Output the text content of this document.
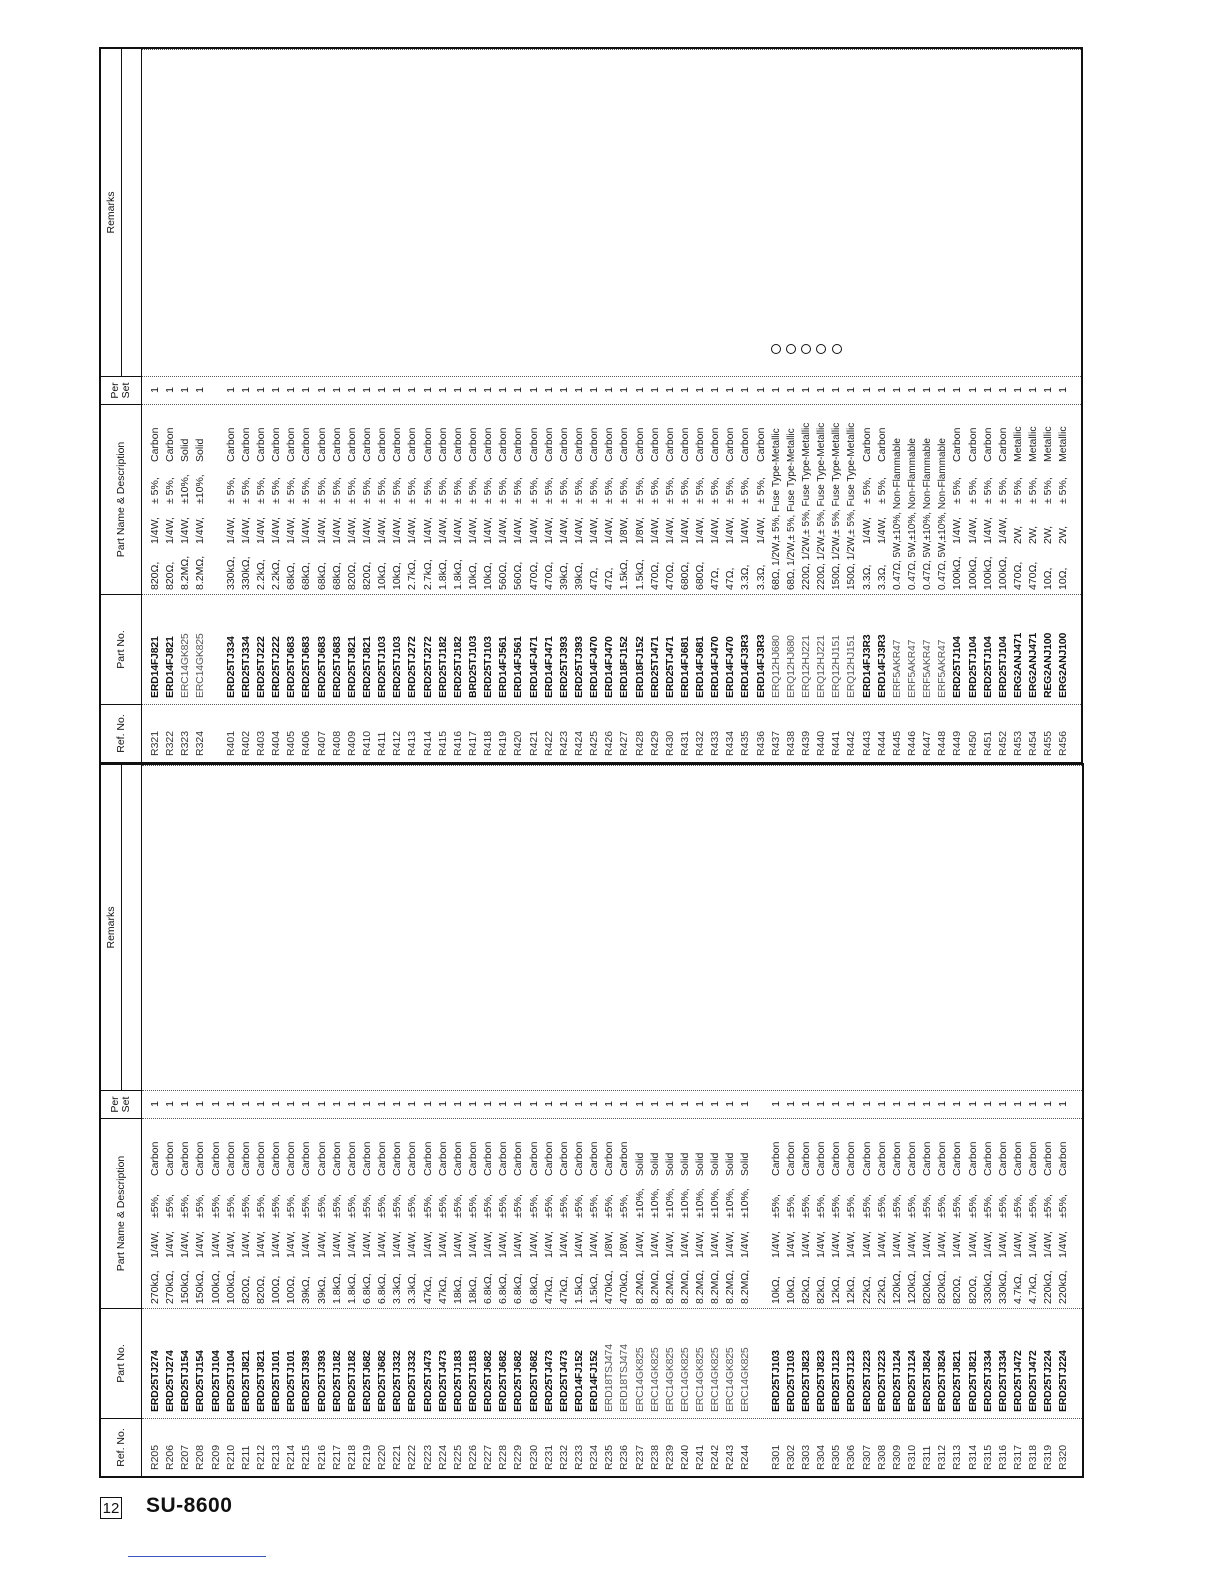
Ref. No.
Part No.
Part Name & Description
Per Set
Remarks
R205
ERD25TJ274
270kΩ,
1/4W,
±5%,
Carbon
1
R206
ERD25TJ274
270kΩ,
1/4W,
±5%,
Carbon
1
R207
ERD25TJ154
150kΩ,
1/4W,
±5%,
Carbon
1
R208
ERD25TJ154
150kΩ,
1/4W,
±5%,
Carbon
1
R209
ERD25TJ104
100kΩ,
1/4W,
±5%,
Carbon
1
R210
ERD25TJ104
100kΩ,
1/4W,
±5%,
Carbon
1
R211
ERD25TJ821
820Ω,
1/4W,
±5%,
Carbon
1
R212
ERD25TJ821
820Ω,
1/4W,
±5%,
Carbon
1
R213
ERD25TJ101
100Ω,
1/4W,
±5%,
Carbon
1
R214
ERD25TJ101
100Ω,
1/4W,
±5%,
Carbon
1
R215
ERD25TJ393
39kΩ,
1/4W,
±5%,
Carbon
1
R216
ERD25TJ393
39kΩ,
1/4W,
±5%,
Carbon
1
R217
ERD25TJ182
1.8kΩ,
1/4W,
±5%,
Carbon
1
R218
ERD25TJ182
1.8kΩ,
1/4W,
±5%,
Carbon
1
R219
ERD25TJ682
6.8kΩ,
1/4W,
±5%,
Carbon
1
R220
ERD25TJ682
6.8kΩ,
1/4W,
±5%,
Carbon
1
R221
ERD25TJ332
3.3kΩ,
1/4W,
±5%,
Carbon
1
R222
ERD25TJ332
3.3kΩ,
1/4W,
±5%,
Carbon
1
R223
ERD25TJ473
47kΩ,
1/4W,
±5%,
Carbon
1
R224
ERD25TJ473
47kΩ,
1/4W,
±5%,
Carbon
1
R225
ERD25TJ183
18kΩ,
1/4W,
±5%,
Carbon
1
R226
ERD25TJ183
18kΩ,
1/4W,
±5%,
Carbon
1
R227
ERD25TJ682
6.8kΩ,
1/4W,
±5%,
Carbon
1
R228
ERD25TJ682
6.8kΩ,
1/4W,
±5%,
Carbon
1
R229
ERD25TJ682
6.8kΩ,
1/4W,
±5%,
Carbon
1
R230
ERD25TJ682
6.8kΩ,
1/4W,
±5%,
Carbon
1
R231
ERD25TJ473
47kΩ,
1/4W,
±5%,
Carbon
1
R232
ERD25TJ473
47kΩ,
1/4W,
±5%,
Carbon
1
R233
ERD14FJ152
1.5kΩ,
1/4W,
±5%,
Carbon
1
R234
ERD14FJ152
1.5kΩ,
1/4W,
±5%,
Carbon
1
R235
ERD18TSJ474
470kΩ,
1/8W,
±5%,
Carbon
1
R236
ERD18TSJ474
470kΩ,
1/8W,
±5%,
Carbon
1
R237
ERC14GK825
8.2MΩ,
1/4W,
±10%,
Solid
1
R238
ERC14GK825
8.2MΩ,
1/4W,
±10%,
Solid
1
R239
ERC14GK825
8.2MΩ,
1/4W,
±10%,
Solid
1
R240
ERC14GK825
8.2MΩ,
1/4W,
±10%,
Solid
1
R241
ERC14GK825
8.2MΩ,
1/4W,
±10%,
Solid
1
R242
ERC14GK825
8.2MΩ,
1/4W,
±10%,
Solid
1
R243
ERC14GK825
8.2MΩ,
1/4W,
±10%,
Solid
1
R244
ERC14GK825
8.2MΩ,
1/4W,
±10%,
Solid
1
R301
ERD25TJ103
10kΩ,
1/4W,
±5%,
Carbon
1
R302
ERD25TJ103
10kΩ,
1/4W,
±5%,
Carbon
1
R303
ERD25TJ823
82kΩ,
1/4W,
±5%,
Carbon
1
R304
ERD25TJ823
82kΩ,
1/4W,
±5%,
Carbon
1
R305
ERD25TJ123
12kΩ,
1/4W,
±5%,
Carbon
1
R306
ERD25TJ123
12kΩ,
1/4W,
±5%,
Carbon
1
R307
ERD25TJ223
22kΩ,
1/4W,
±5%,
Carbon
1
R308
ERD25TJ223
22kΩ,
1/4W,
±5%,
Carbon
1
R309
ERD25TJ124
120kΩ,
1/4W,
±5%,
Carbon
1
R310
ERD25TJ124
120kΩ,
1/4W,
±5%,
Carbon
1
R311
ERD25TJ824
820kΩ,
1/4W,
±5%,
Carbon
1
R312
ERD25TJ824
820kΩ,
1/4W,
±5%,
Carbon
1
R313
ERD25TJ821
820Ω,
1/4W,
±5%,
Carbon
1
R314
ERD25TJ821
820Ω,
1/4W,
±5%,
Carbon
1
R315
ERD25TJ334
330kΩ,
1/4W,
±5%,
Carbon
1
R316
ERD25TJ334
330kΩ,
1/4W,
±5%,
Carbon
1
R317
ERD25TJ472
4.7kΩ,
1/4W,
±5%,
Carbon
1
R318
ERD25TJ472
4.7kΩ,
1/4W,
±5%,
Carbon
1
R319
ERD25TJ224
220kΩ,
1/4W,
±5%,
Carbon
1
R320
ERD25TJ224
220kΩ,
1/4W,
±5%,
Carbon
1
Ref. No.
Part No.
Part Name & Description
Per Set
Remarks
R321
ERD14FJ821
820Ω,
1/4W,
± 5%,
Carbon
1
R322
ERD14FJ821
820Ω,
1/4W,
± 5%,
Carbon
1
R323
ERC14GK825
8.2MΩ,
1/4W,
±10%,
Solid
1
R324
ERC14GK825
8.2MΩ,
1/4W,
±10%,
Solid
1
R401
ERD25TJ334
330kΩ,
1/4W,
± 5%,
Carbon
1
R402
ERD25TJ334
330kΩ,
1/4W,
± 5%,
Carbon
1
R403
ERD25TJ222
2.2kΩ,
1/4W,
± 5%,
Carbon
1
R404
ERD25TJ222
2.2kΩ,
1/4W,
± 5%,
Carbon
1
R405
ERD25TJ683
68kΩ,
1/4W,
± 5%,
Carbon
1
R406
ERD25TJ683
68kΩ,
1/4W,
± 5%,
Carbon
1
R407
ERD25TJ683
68kΩ,
1/4W,
± 5%,
Carbon
1
R408
ERD25TJ683
68kΩ,
1/4W,
± 5%,
Carbon
1
R409
ERD25TJ821
820Ω,
1/4W,
± 5%,
Carbon
1
R410
ERD25TJ821
820Ω,
1/4W,
± 5%,
Carbon
1
R411
ERD25TJ103
10kΩ,
1/4W,
± 5%,
Carbon
1
R412
ERD25TJ103
10kΩ,
1/4W,
± 5%,
Carbon
1
R413
ERD25TJ272
2.7kΩ,
1/4W,
± 5%,
Carbon
1
R414
ERD25TJ272
2.7kΩ,
1/4W,
± 5%,
Carbon
1
R415
ERD25TJ182
1.8kΩ,
1/4W,
± 5%,
Carbon
1
R416
ERD25TJ182
1.8kΩ,
1/4W,
± 5%,
Carbon
1
R417
BRD25TJ103
10kΩ,
1/4W,
± 5%,
Carbon
1
R418
ERD25TJ103
10kΩ,
1/4W,
± 5%,
Carbon
1
R419
ERD14FJ561
560Ω,
1/4W,
± 5%,
Carbon
1
R420
ERD14FJ561
560Ω,
1/4W,
± 5%,
Carbon
1
R421
ERD14FJ471
470Ω,
1/4W,
± 5%,
Carbon
1
R422
ERD14FJ471
470Ω,
1/4W,
± 5%,
Carbon
1
R423
ERD25TJ393
39kΩ,
1/4W,
± 5%,
Carbon
1
R424
ERD25TJ393
39kΩ,
1/4W,
± 5%,
Carbon
1
R425
ERD14FJ470
47Ω,
1/4W,
± 5%,
Carbon
1
R426
ERD14FJ470
47Ω,
1/4W,
± 5%,
Carbon
1
R427
ERD18FJ152
1.5kΩ,
1/8W,
± 5%,
Carbon
1
R428
ERD18FJ152
1.5kΩ,
1/8W,
± 5%,
Carbon
1
R429
ERD25TJ471
470Ω,
1/4W,
± 5%,
Carbon
1
R430
ERD25TJ471
470Ω,
1/4W,
± 5%,
Carbon
1
R431
ERD14FJ681
680Ω,
1/4W,
± 5%,
Carbon
1
R432
ERD14FJ681
680Ω,
1/4W,
± 5%,
Carbon
1
R433
ERD14FJ470
47Ω,
1/4W,
± 5%,
Carbon
1
R434
ERD14FJ470
47Ω,
1/4W,
± 5%,
Carbon
1
R435
ERD14FJ3R3
3.3Ω,
1/4W,
± 5%,
Carbon
1
R436
ERD14FJ3R3
3.3Ω,
1/4W,
± 5%,
Carbon
1
R437
ERQ12HJ680
68Ω, 1/2W,± 5%, Fuse Type-Metallic
1
R438
ERQ12HJ680
68Ω, 1/2W,± 5%, Fuse Type-Metallic
1
R439
ERQ12HJ221
220Ω, 1/2W,± 5%, Fuse Type-Metallic
1
R440
ERQ12HJ221
220Ω, 1/2W,± 5%, Fuse Type-Metallic
1
R441
ERQ12HJ151
150Ω, 1/2W,± 5%, Fuse Type-Metallic
1
R442
ERQ12HJ151
150Ω, 1/2W,± 5%, Fuse Type-Metallic
1
R443
ERD14FJ3R3
3.3Ω,
1/4W,
± 5%,
Carbon
1
R444
ERD14FJ3R3
3.3Ω,
1/4W,
± 5%,
Carbon
1
R445
ERF5AKR47
0.47Ω, 5W,±10%, Non-Flammable
1
R446
ERF5AKR47
0.47Ω, 5W,±10%, Non-Flammable
1
R447
ERF5AKR47
0.47Ω, 5W,±10%, Non-Flammable
1
R448
ERF5AKR47
0.47Ω, 5W,±10%, Non-Flammable
1
R449
ERD25TJ104
100kΩ,
1/4W,
± 5%,
Carbon
1
R450
ERD25TJ104
100kΩ,
1/4W,
± 5%,
Carbon
1
R451
ERD25TJ104
100kΩ,
1/4W,
± 5%,
Carbon
1
R452
ERD25TJ104
100kΩ,
1/4W,
± 5%,
Carbon
1
R453
ERG2ANJ471
470Ω,
2W,
± 5%,
Metallic
1
R454
ERG2ANJ471
470Ω,
2W,
± 5%,
Metallic
1
R455
REG2ANJ100
10Ω,
2W,
± 5%,
Metallic
1
R456
ERG2ANJ100
10Ω,
2W,
± 5%,
Metallic
1
12 SU-8600
